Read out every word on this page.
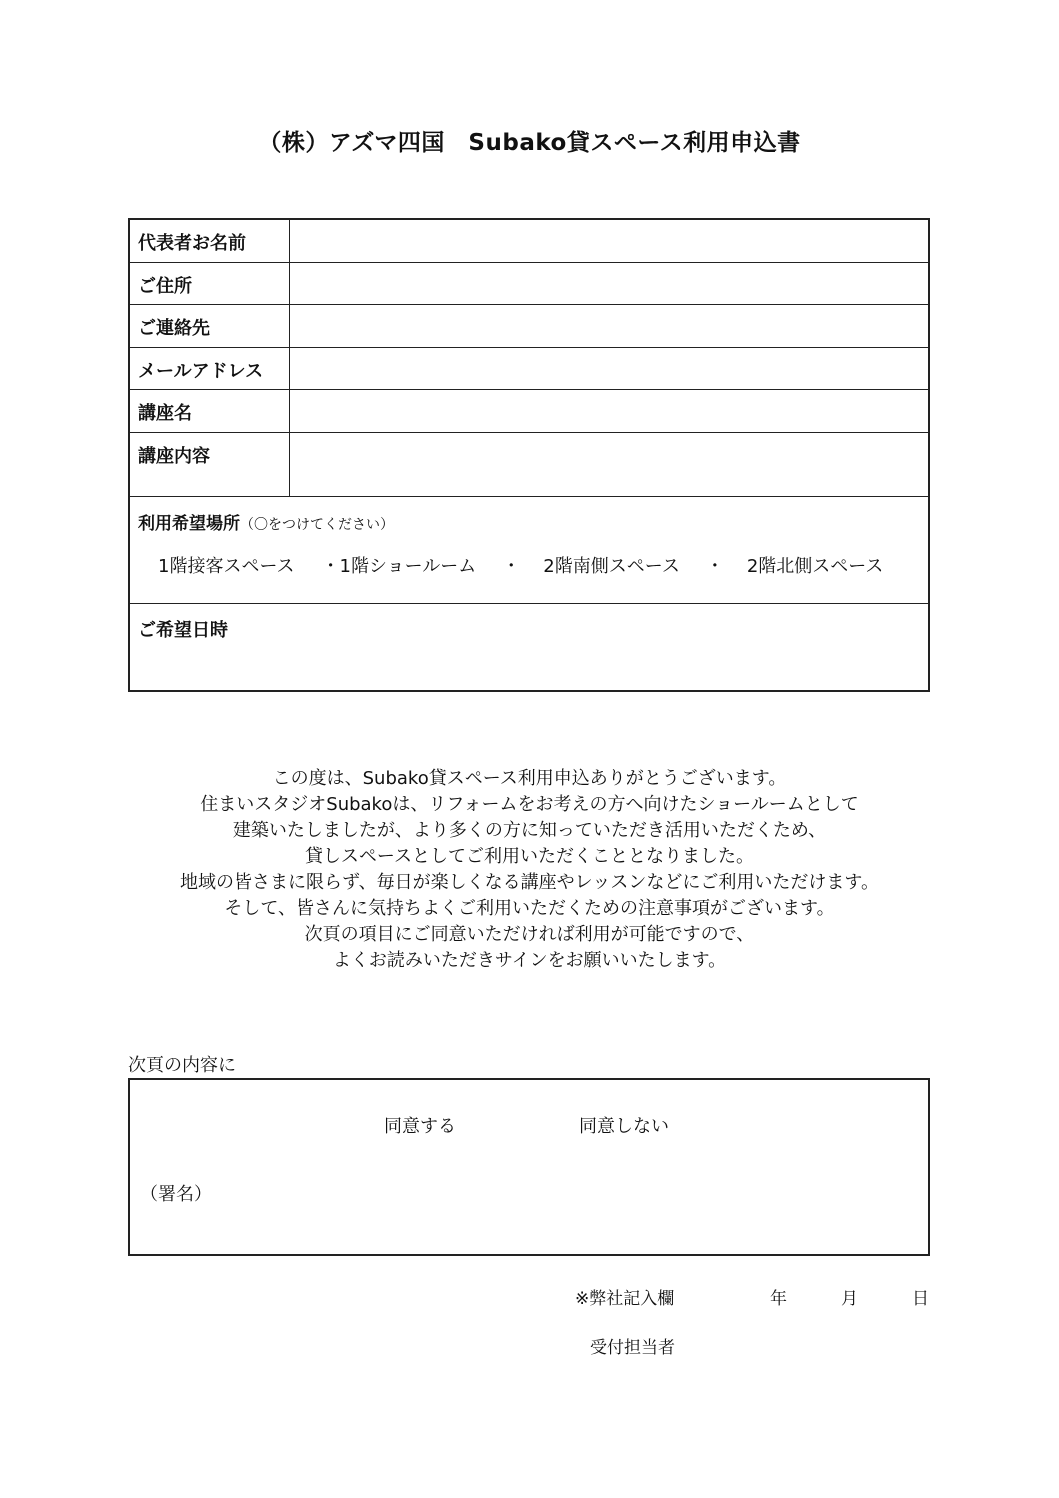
（株）アズマ四国　Subako貸スペース利用申込書
代表者お名前
ご住所
ご連絡先
メールアドレス
講座名
講座内容
利用希望場所（〇をつけてください）
1階接客スペース ・1階ショールーム ・ 2階南側スペース ・ 2階北側スペース
ご希望日時
この度は、Subako貸スペース利用申込ありがとうございます。
住まいスタジオSubakoは、リフォームをお考えの方へ向けたショールームとして
建築いたしましたが、より多くの方に知っていただき活用いただくため、
貸しスペースとしてご利用いただくこととなりました。
地域の皆さまに限らず、毎日が楽しくなる講座やレッスンなどにご利用いただけます。
そして、皆さんに気持ちよくご利用いただくための注意事項がございます。
次頁の項目にご同意いただければ利用が可能ですので、
よくお読みいただきサインをお願いいたします。
次頁の内容に
同意する	同意しない
（署名）
※弊社記入欄	年	月	日
受付担当者
